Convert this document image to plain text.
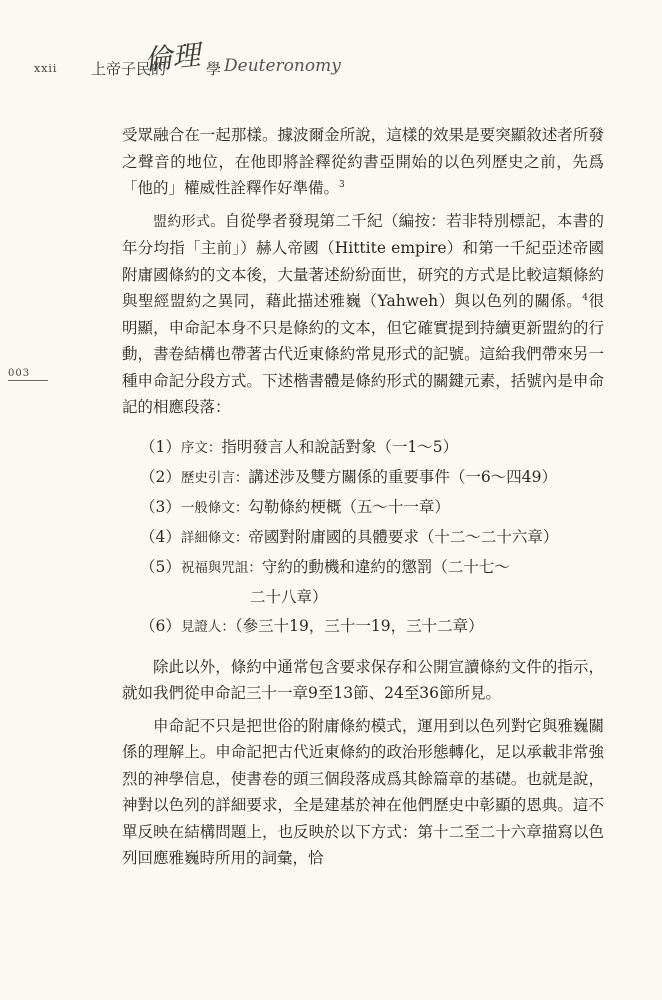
xxii 上帝子民的
倫理 學 Deuteronomy
003

受眾融合在一起那樣。據波爾金所說，這樣的效果是要突顯敘述者所發之聲音的地位，在他即將詮釋從約書亞開始的以色列歷史之前，先爲「他的」權威性詮釋作好準備。$^3$

盟約形式。自從學者發現第二千紀（編按：若非特別標記，本書的年分均指「主前」）赫人帝國（Hittite empire）和第一千紀亞述帝國附庸國條約的文本後，大量著述紛紛面世，研究的方式是比較這類條約與聖經盟約之異同，藉此描述雅巍（Yahweh）與以色列的關係。$^4$很明顯，申命記本身不只是條約的文本，但它確實提到持續更新盟約的行動，書卷結構也帶著古代近東條約常見形式的記號。這給我們帶來另一種申命記分段方式。下述楷書體是條約形式的關鍵元素，括號內是申命記的相應段落：

（1）序文：指明發言人和說話對象（一1～5）
（2）歷史引言：講述涉及雙方關係的重要事件（一6～四49）
（3）一般條文：勾勒條約梗概（五～十一章）
（4）詳細條文：帝國對附庸國的具體要求（十二～二十六章）
（5）祝福與咒詛：守約的動機和違約的懲罰（二十七～
二十八章）
（6）見證人：（參三十19，三十一19，三十二章）

除此以外，條約中通常包含要求保存和公開宣讀條約文件的指示，就如我們從申命記三十一章9至13節、24至36節所見。

申命記不只是把世俗的附庸條約模式，運用到以色列對它與雅巍關係的理解上。申命記把古代近東條約的政治形態轉化，足以承載非常強烈的神學信息，使書卷的頭三個段落成爲其餘篇章的基礎。也就是說，神對以色列的詳細要求，全是建基於神在他們歷史中彰顯的恩典。這不單反映在結構問題上，也反映於以下方式：第十二至二十六章描寫以色列回應雅巍時所用的詞彙，恰
